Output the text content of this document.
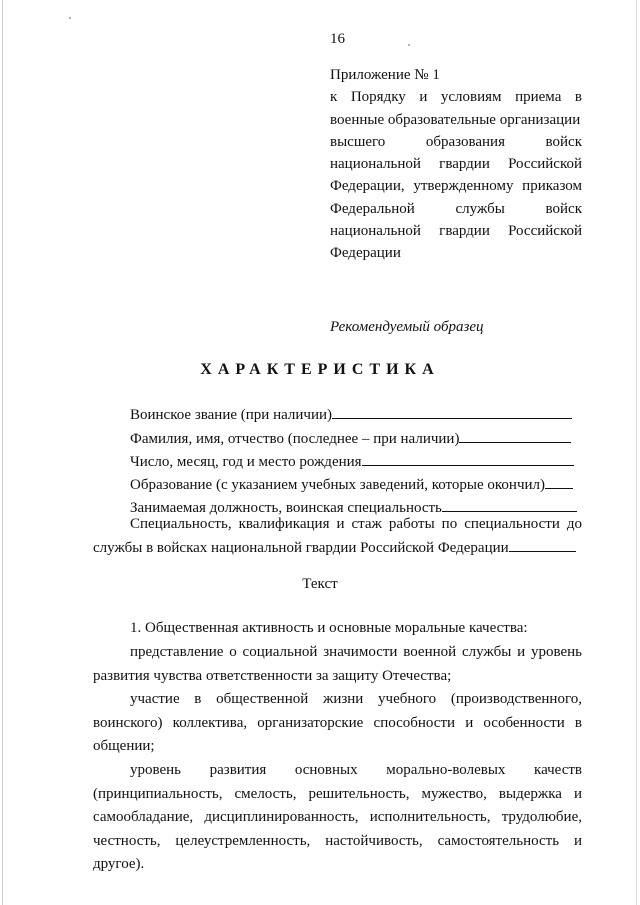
16
Приложение № 1
к Порядку и условиям приема в
военные образовательные организации
высшего образования войск
национальной гвардии Российской
Федерации, утвержденному приказом
Федеральной службы войск
национальной гвардии Российской
Федерации
Рекомендуемый образец
ХАРАКТЕРИСТИКА
Воинское звание (при наличии)
Фамилия, имя, отчество (последнее – при наличии)
Число, месяц, год и место рождения
Образование (с указанием учебных заведений, которые окончил)
Занимаемая должность, воинская специальность
Специальность, квалификация и стаж работы по специальности до службы в войсках национальной гвардии Российской Федерации
Текст
1. Общественная активность и основные моральные качества:
представление о социальной значимости военной службы и уровень развития чувства ответственности за защиту Отечества;
участие в общественной жизни учебного (производственного, воинского) коллектива, организаторские способности и особенности в общении;
уровень развития основных морально-волевых качеств (принципиальность, смелость, решительность, мужество, выдержка и самообладание, дисциплинированность, исполнительность, трудолюбие, честность, целеустремленность, настойчивость, самостоятельность и другое).
